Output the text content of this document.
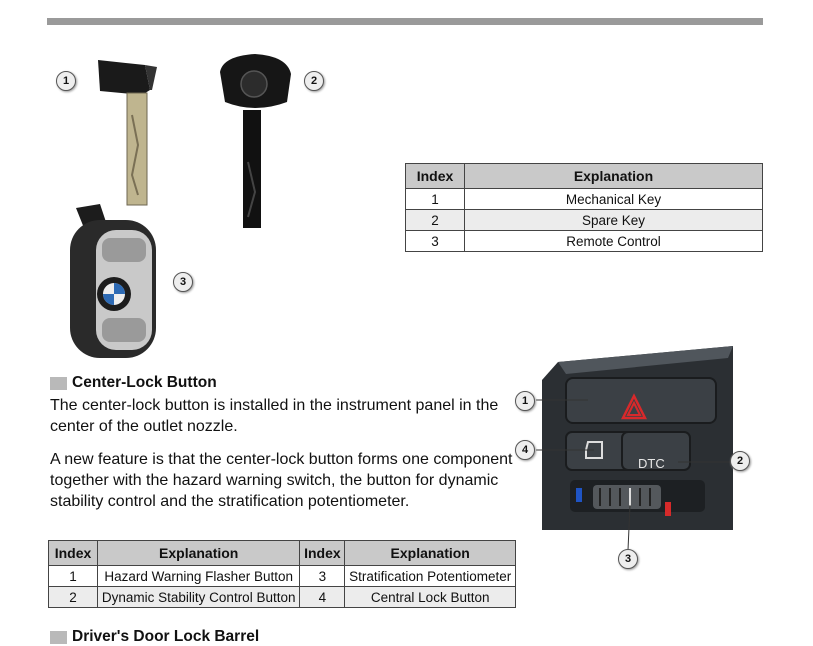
1	2
3
Index	Explanation
1	Mechanical Key
2	Spare Key
3	Remote Control
Center-Lock Button

The center-lock button is installed in the instrument panel in the center of the outlet nozzle.

A new feature is that the center-lock button forms one component together with the hazard warning switch, the button for dynamic stability control and the stratification potentiometer.

Index	Explanation	Index	Explanation
1	Hazard Warning Flasher Button	3	Stratification Potentiometer
2	Dynamic Stability Control Button	4	Central Lock Button
DTC
1
2
3
4
Driver's Door Lock Barrel
